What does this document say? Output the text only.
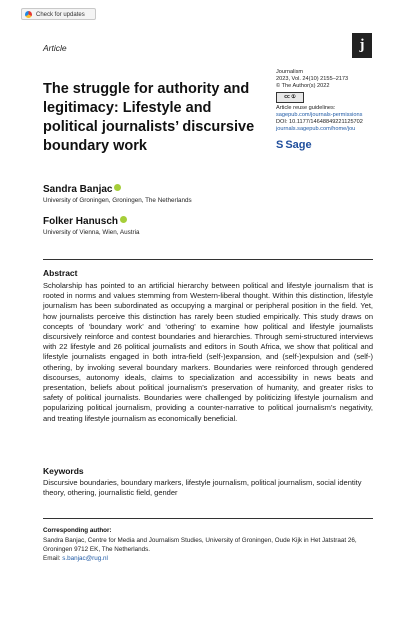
Check for updates
Article	j
The struggle for authority and legitimacy: Lifestyle and political journalists’ discursive boundary work
Journalism
2023, Vol. 24(10) 2155–2173
© The Author(s) 2022
cc ①
Article reuse guidelines:
sagepub.com/journals-permissions
DOI: 10.1177/14648849221125702
journals.sagepub.com/home/jou
S Sage
Sandra Banjac
University of Groningen, Groningen, The Netherlands
Folker Hanusch
University of Vienna, Wien, Austria
Abstract

Scholarship has pointed to an artificial hierarchy between political and lifestyle journalism that is rooted in norms and values stemming from Western-liberal thought. Within this distinction, lifestyle journalism has been subordinated as occupying a marginal or peripheral position in the field. Yet, how journalists perceive this distinction has rarely been studied empirically. This study draws on concepts of ‘boundary work’ and ‘othering’ to examine how political and lifestyle journalists discursively reinforce and contest boundaries and hierarchies. Through semi-structured interviews with 22 lifestyle and 26 political journalists and editors in South Africa, we show that political and lifestyle journalists engaged in both intra-field (self-)expansion, and (self-)expulsion and (self-) othering, by invoking several boundary markers. Boundaries were reinforced through gendered discourses, autonomy ideals, claims to specialization and accessibility in news beats and presentation, beliefs about political journalism’s preservation of humanity, and greater risks to safety of political journalists. Boundaries were challenged by politicizing lifestyle journalism and popularizing political journalism, providing a counter-narrative to political journalism’s negativity, and treating lifestyle journalism as economically beneficial.

Keywords

Discursive boundaries, boundary markers, lifestyle journalism, political journalism, social identity theory, othering, journalistic field, gender

Corresponding author:
Sandra Banjac, Centre for Media and Journalism Studies, University of Groningen, Oude Kijk in Het Jatstraat 26, Groningen 9712 EK, The Netherlands.
Email: s.banjac@rug.nl
